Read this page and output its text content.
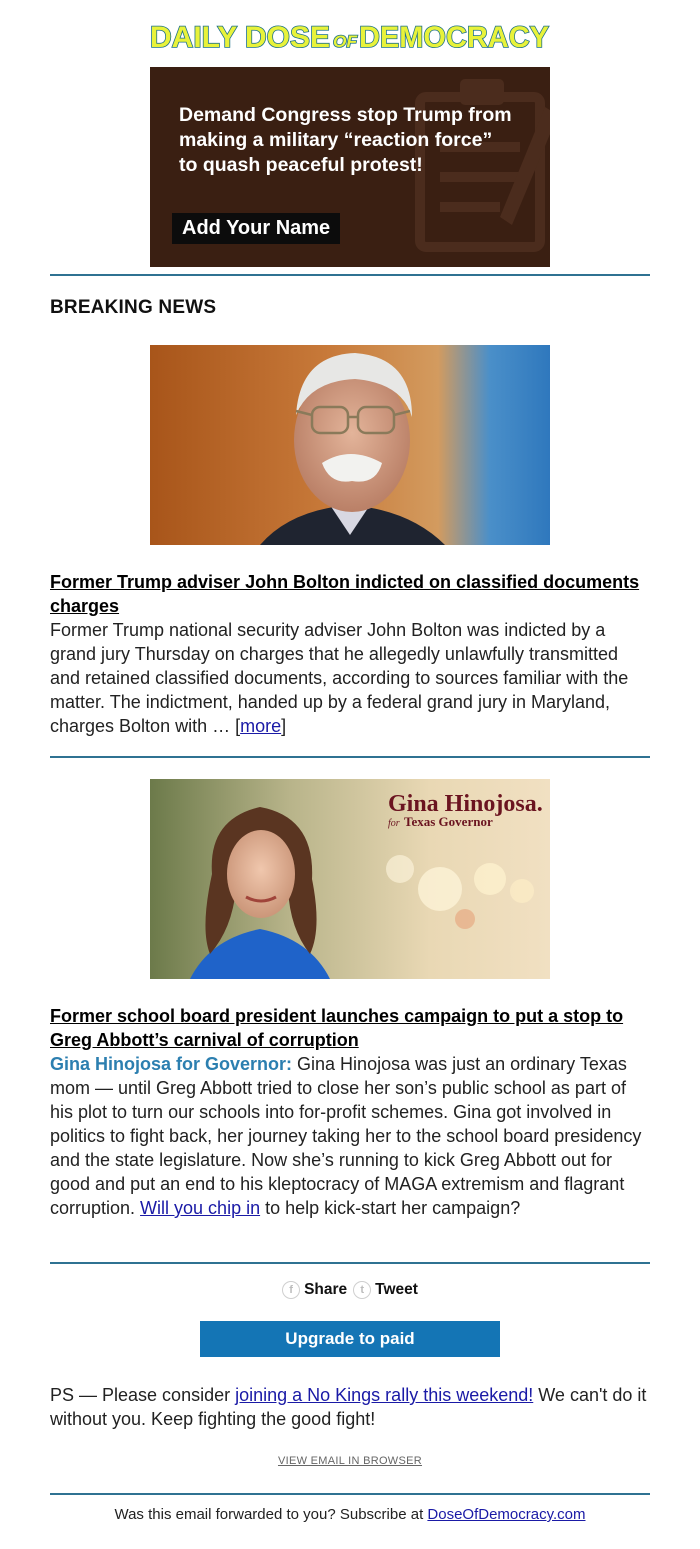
DAILY DOSE OF DEMOCRACY
Demand Congress stop Trump from
making a military “reaction force”
to quash peaceful protest!
Add Your Name
BREAKING NEWS
Former Trump adviser John Bolton indicted on classified documents charges
Former Trump national security adviser John Bolton was indicted by a grand jury Thursday on charges that he allegedly unlawfully transmitted and retained classified documents, according to sources familiar with the matter. The indictment, handed up by a federal grand jury in Maryland, charges Bolton with … [more]
Gina Hinojosa.
for Texas Governor
Former school board president launches campaign to put a stop to Greg Abbott’s carnival of corruption
Gina Hinojosa for Governor: Gina Hinojosa was just an ordinary Texas mom — until Greg Abbott tried to close her son’s public school as part of his plot to turn our schools into for-profit schemes. Gina got involved in politics to fight back, her journey taking her to the school board presidency and the state legislature. Now she’s running to kick Greg Abbott out for good and put an end to his kleptocracy of MAGA extremism and flagrant corruption. Will you chip in to help kick-start her campaign?
f Share	t Tweet
Upgrade to paid
PS — Please consider joining a No Kings rally this weekend! We can't do it without you. Keep fighting the good fight!
VIEW EMAIL IN BROWSER
Was this email forwarded to you? Subscribe at DoseOfDemocracy.com
